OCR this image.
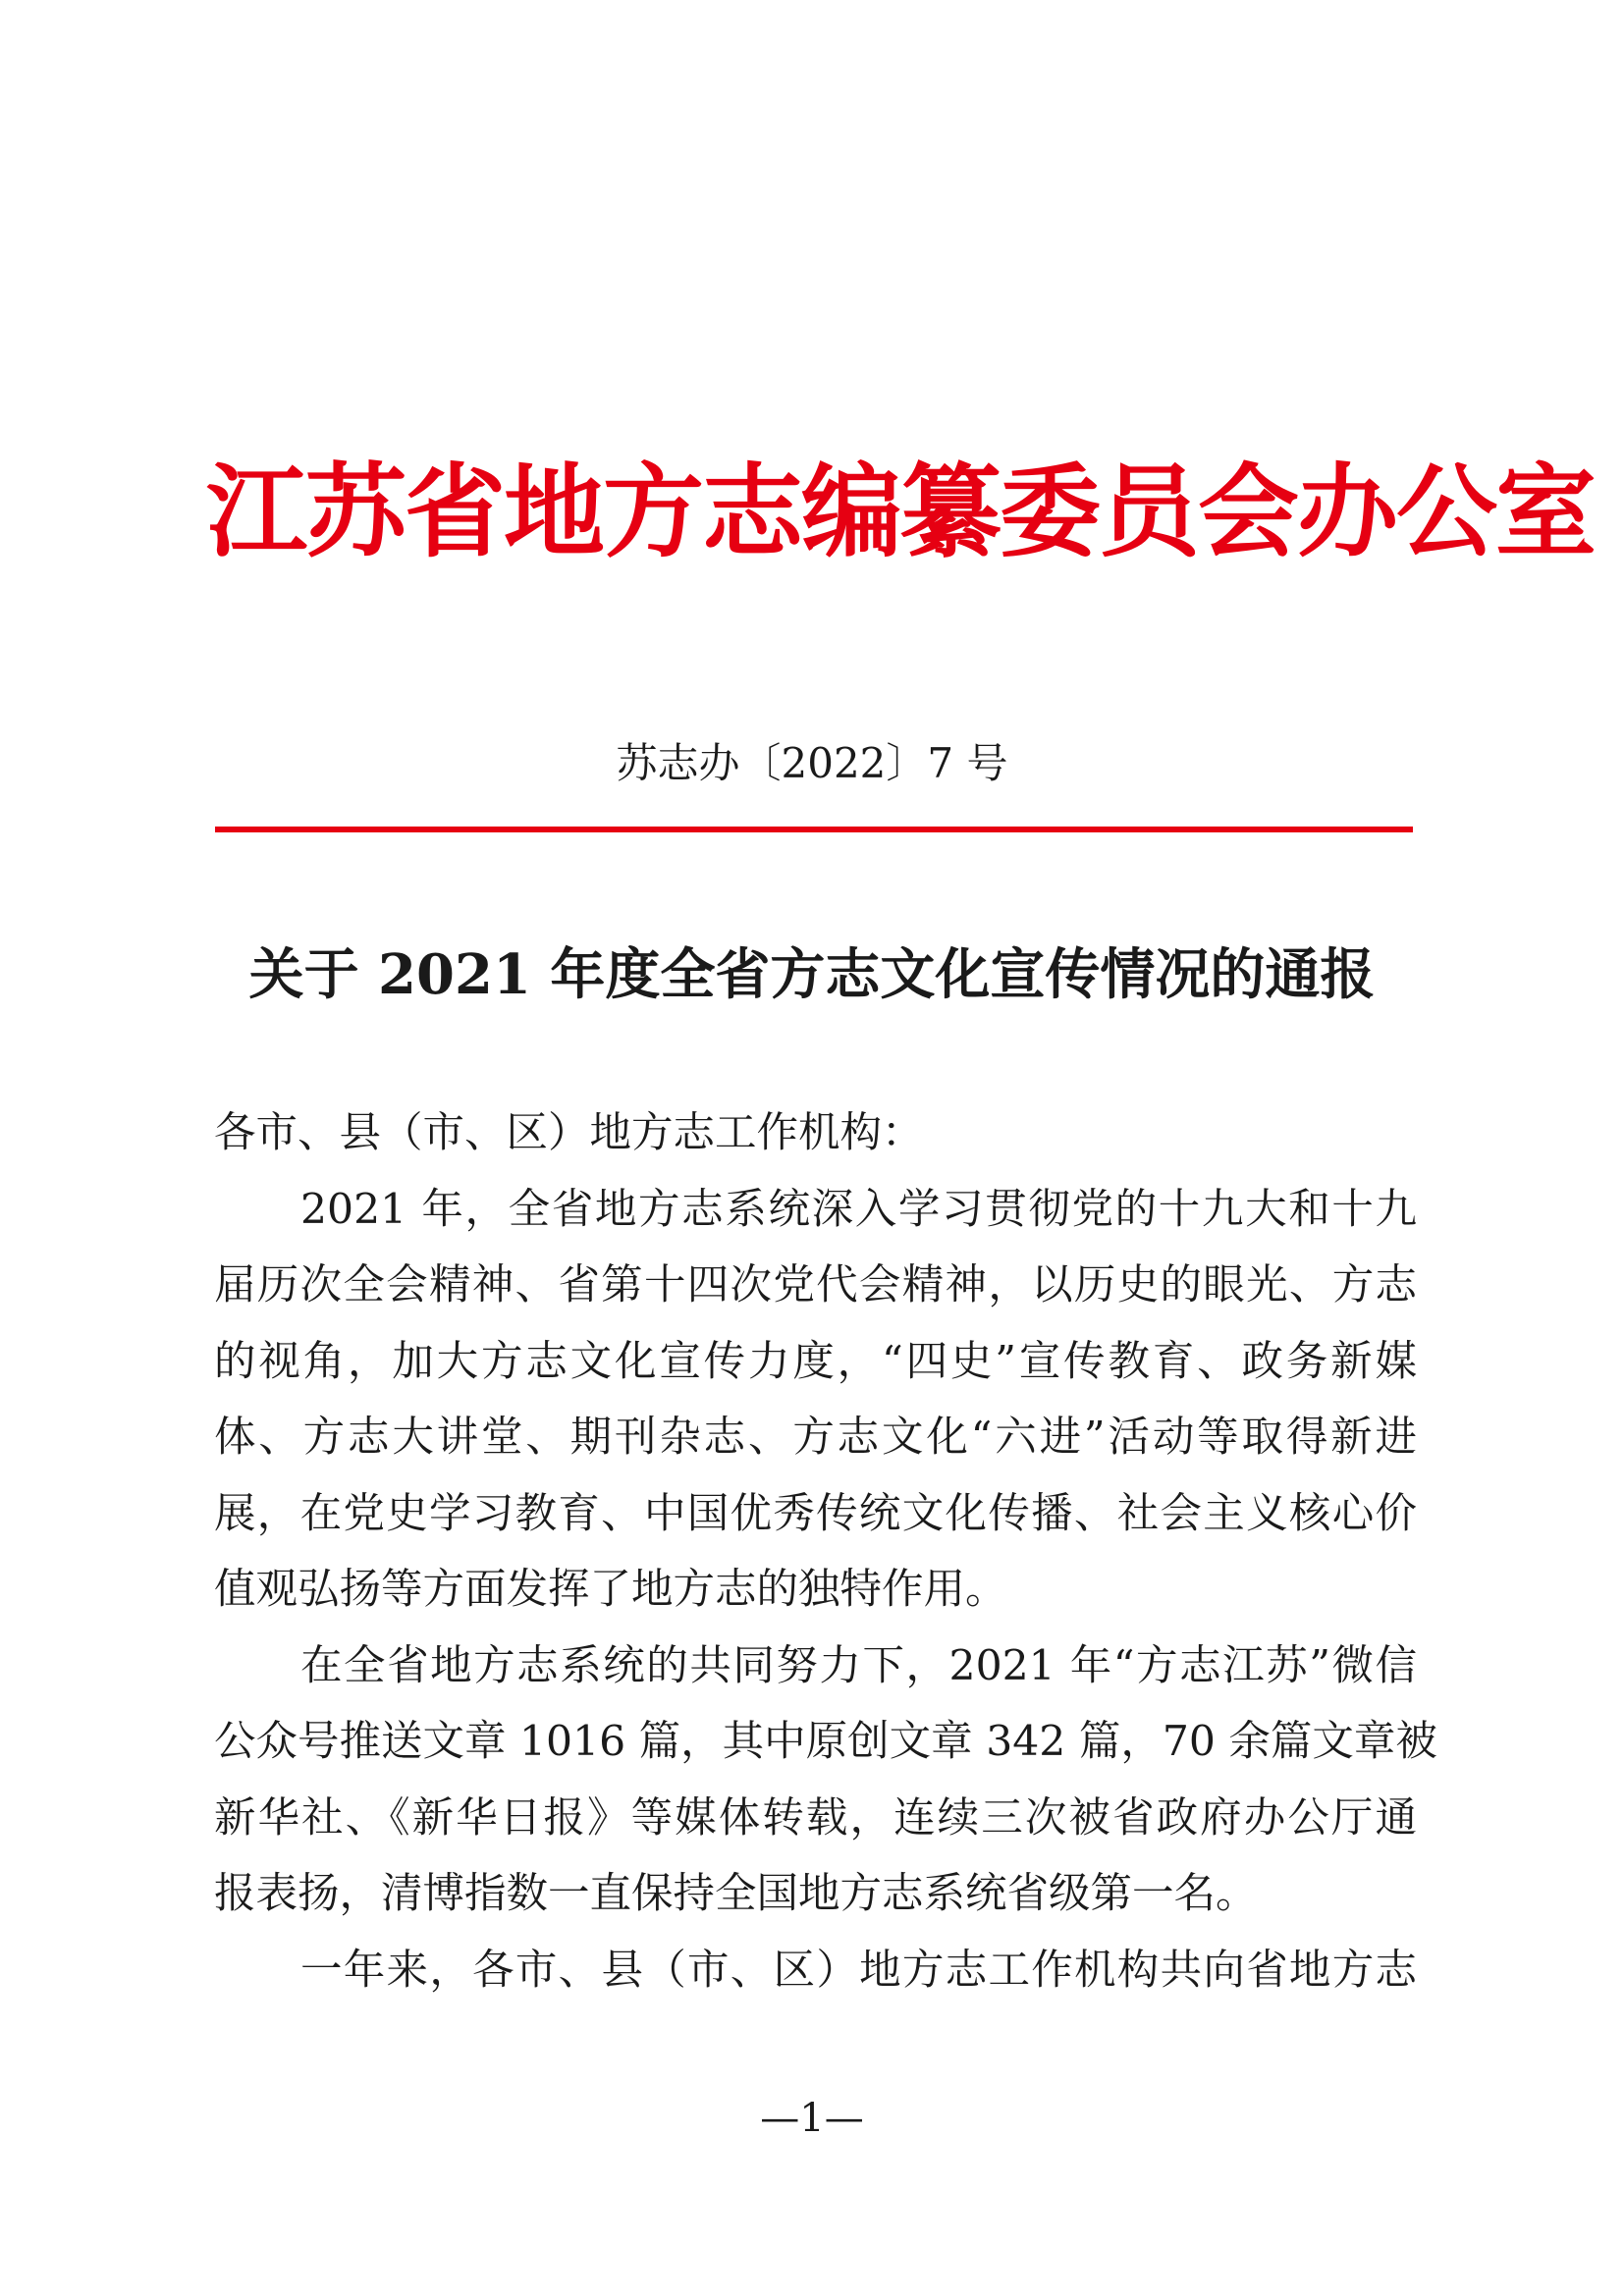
江苏省地方志编纂委员会办公室
苏志办〔2022〕7 号
关于 2021 年度全省方志文化宣传情况的通报
各市、县（市、区）地方志工作机构：
2021 年，全省地方志系统深入学习贯彻党的十九大和十九
届历次全会精神、省第十四次党代会精神，以历史的眼光、方志
的视角，加大方志文化宣传力度，“四史”宣传教育、政务新媒
体、方志大讲堂、期刊杂志、方志文化“六进”活动等取得新进
展，在党史学习教育、中国优秀传统文化传播、社会主义核心价
值观弘扬等方面发挥了地方志的独特作用。
在全省地方志系统的共同努力下，2021 年“方志江苏”微信
公众号推送文章 1016 篇，其中原创文章 342 篇，70 余篇文章被
新华社、《新华日报》等媒体转载，连续三次被省政府办公厅通
报表扬，清博指数一直保持全国地方志系统省级第一名。
一年来，各市、县（市、区）地方志工作机构共向省地方志
—1—
